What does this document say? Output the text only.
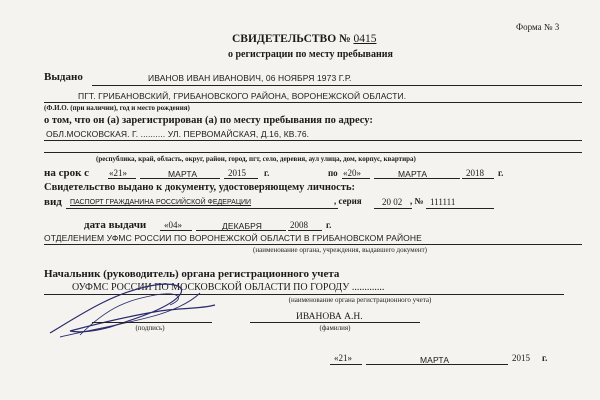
Форма № 3
СВИДЕТЕЛЬСТВО № 0415
о регистрации по месту пребывания
Выдано	ИВАНОВ ИВАН ИВАНОВИЧ, 06 НОЯБРЯ 1973 Г.Р.
ПГТ. ГРИБАНОВСКИЙ, ГРИБАНОВСКОГО РАЙОНА, ВОРОНЕЖСКОЙ ОБЛАСТИ.
(Ф.И.О. (при наличии), год и место рождения)
о том, что он (а) зарегистрирован (а) по месту пребывания по адресу:
ОБЛ.МОСКОВСКАЯ. Г. .......... УЛ. ПЕРВОМАЙСКАЯ, Д.16, КВ.76.
(республика, край, область, округ, район, город, пгт, село, деревня, аул улица, дом, корпус, квартира)
на срок с «21»	МАРТА	2015 г.	по «20»	МАРТА	2018 г.
Свидетельство выдано к документу, удостоверяющему личность:
вид ПАСПОРТ ГРАЖДАНИНА РОССИЙСКОЙ ФЕДЕРАЦИИ	, серия 20 02 , № 111111
дата выдачи «04»	ДЕКАБРЯ	2008 г.
ОТДЕЛЕНИЕМ УФМС РОССИИ ПО ВОРОНЕЖСКОЙ ОБЛАСТИ В ГРИБАНОВСКОМ РАЙОНЕ
(наименование органа, учреждения, выдавшего документ)
Начальник (руководитель) органа регистрационного учета
ОУФМС РОССИИ ПО МОСКОВСКОЙ ОБЛАСТИ ПО ГОРОДУ .............
(наименование органа регистрационного учета)
(подпись)
ИВАНОВА А.Н.
(фамилия)
«21»	МАРТА	2015 г.
